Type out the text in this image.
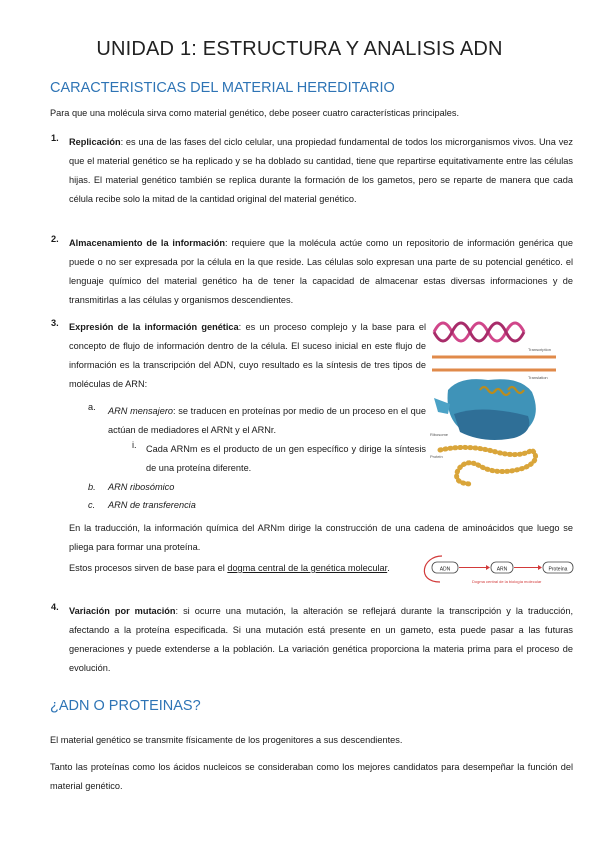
UNIDAD 1: ESTRUCTURA Y ANALISIS ADN
CARACTERISTICAS DEL MATERIAL HEREDITARIO
Para que una molécula sirva como material genético, debe poseer cuatro características principales.
1. Replicación: es una de las fases del ciclo celular, una propiedad fundamental de todos los microrganismos vivos. Una vez que el material genético se ha replicado y se ha doblado su cantidad, tiene que repartirse equitativamente entre las células hijas. El material genético también se replica durante la formación de los gametos, pero se reparte de manera que cada célula recibe solo la mitad de la cantidad original del material genético.
2. Almacenamiento de la información: requiere que la molécula actúe como un repositorio de información genérica que puede o no ser expresada por la célula en la que reside. Las células solo expresan una parte de su potencial genético. el lenguaje químico del material genético ha de tener la capacidad de almacenar estas diversas informaciones y de transmitirlas a las células y organismos descendientes.
3. Expresión de la información genética: es un proceso complejo y la base para el concepto de flujo de información dentro de la célula. El suceso inicial en este flujo de información es la transcripción del ADN, cuyo resultado es la síntesis de tres tipos de moléculas de ARN:
a. ARN mensajero: se traducen en proteínas por medio de un proceso en el que actúan de mediadores el ARNt y el ARNr.
i. Cada ARNm es el producto de un gen específico y dirige la síntesis de una proteína diferente.
b. ARN ribosómico
c. ARN de transferencia
En la traducción, la información química del ARNm dirige la construcción de una cadena de aminoácidos que luego se pliega para formar una proteína.
Estos procesos sirven de base para el dogma central de la genética molecular.
4. Variación por mutación: si ocurre una mutación, la alteración se reflejará durante la transcripción y la traducción, afectando a la proteína especificada. Si una mutación está presente en un gameto, esta puede pasar a las futuras generaciones y puede extenderse a la población. La variación genética proporciona la materia prima para el proceso de evolución.
¿ADN O PROTEINAS?
El material genético se transmite físicamente de los progenitores a sus descendientes.
Tanto las proteínas como los ácidos nucleicos se consideraban como los mejores candidatos para desempeñar la función del material genético.
Transcription
Translation
Ribosome
Protein
ADN	ARN	Proteína
Dogma central de la biología molecular
